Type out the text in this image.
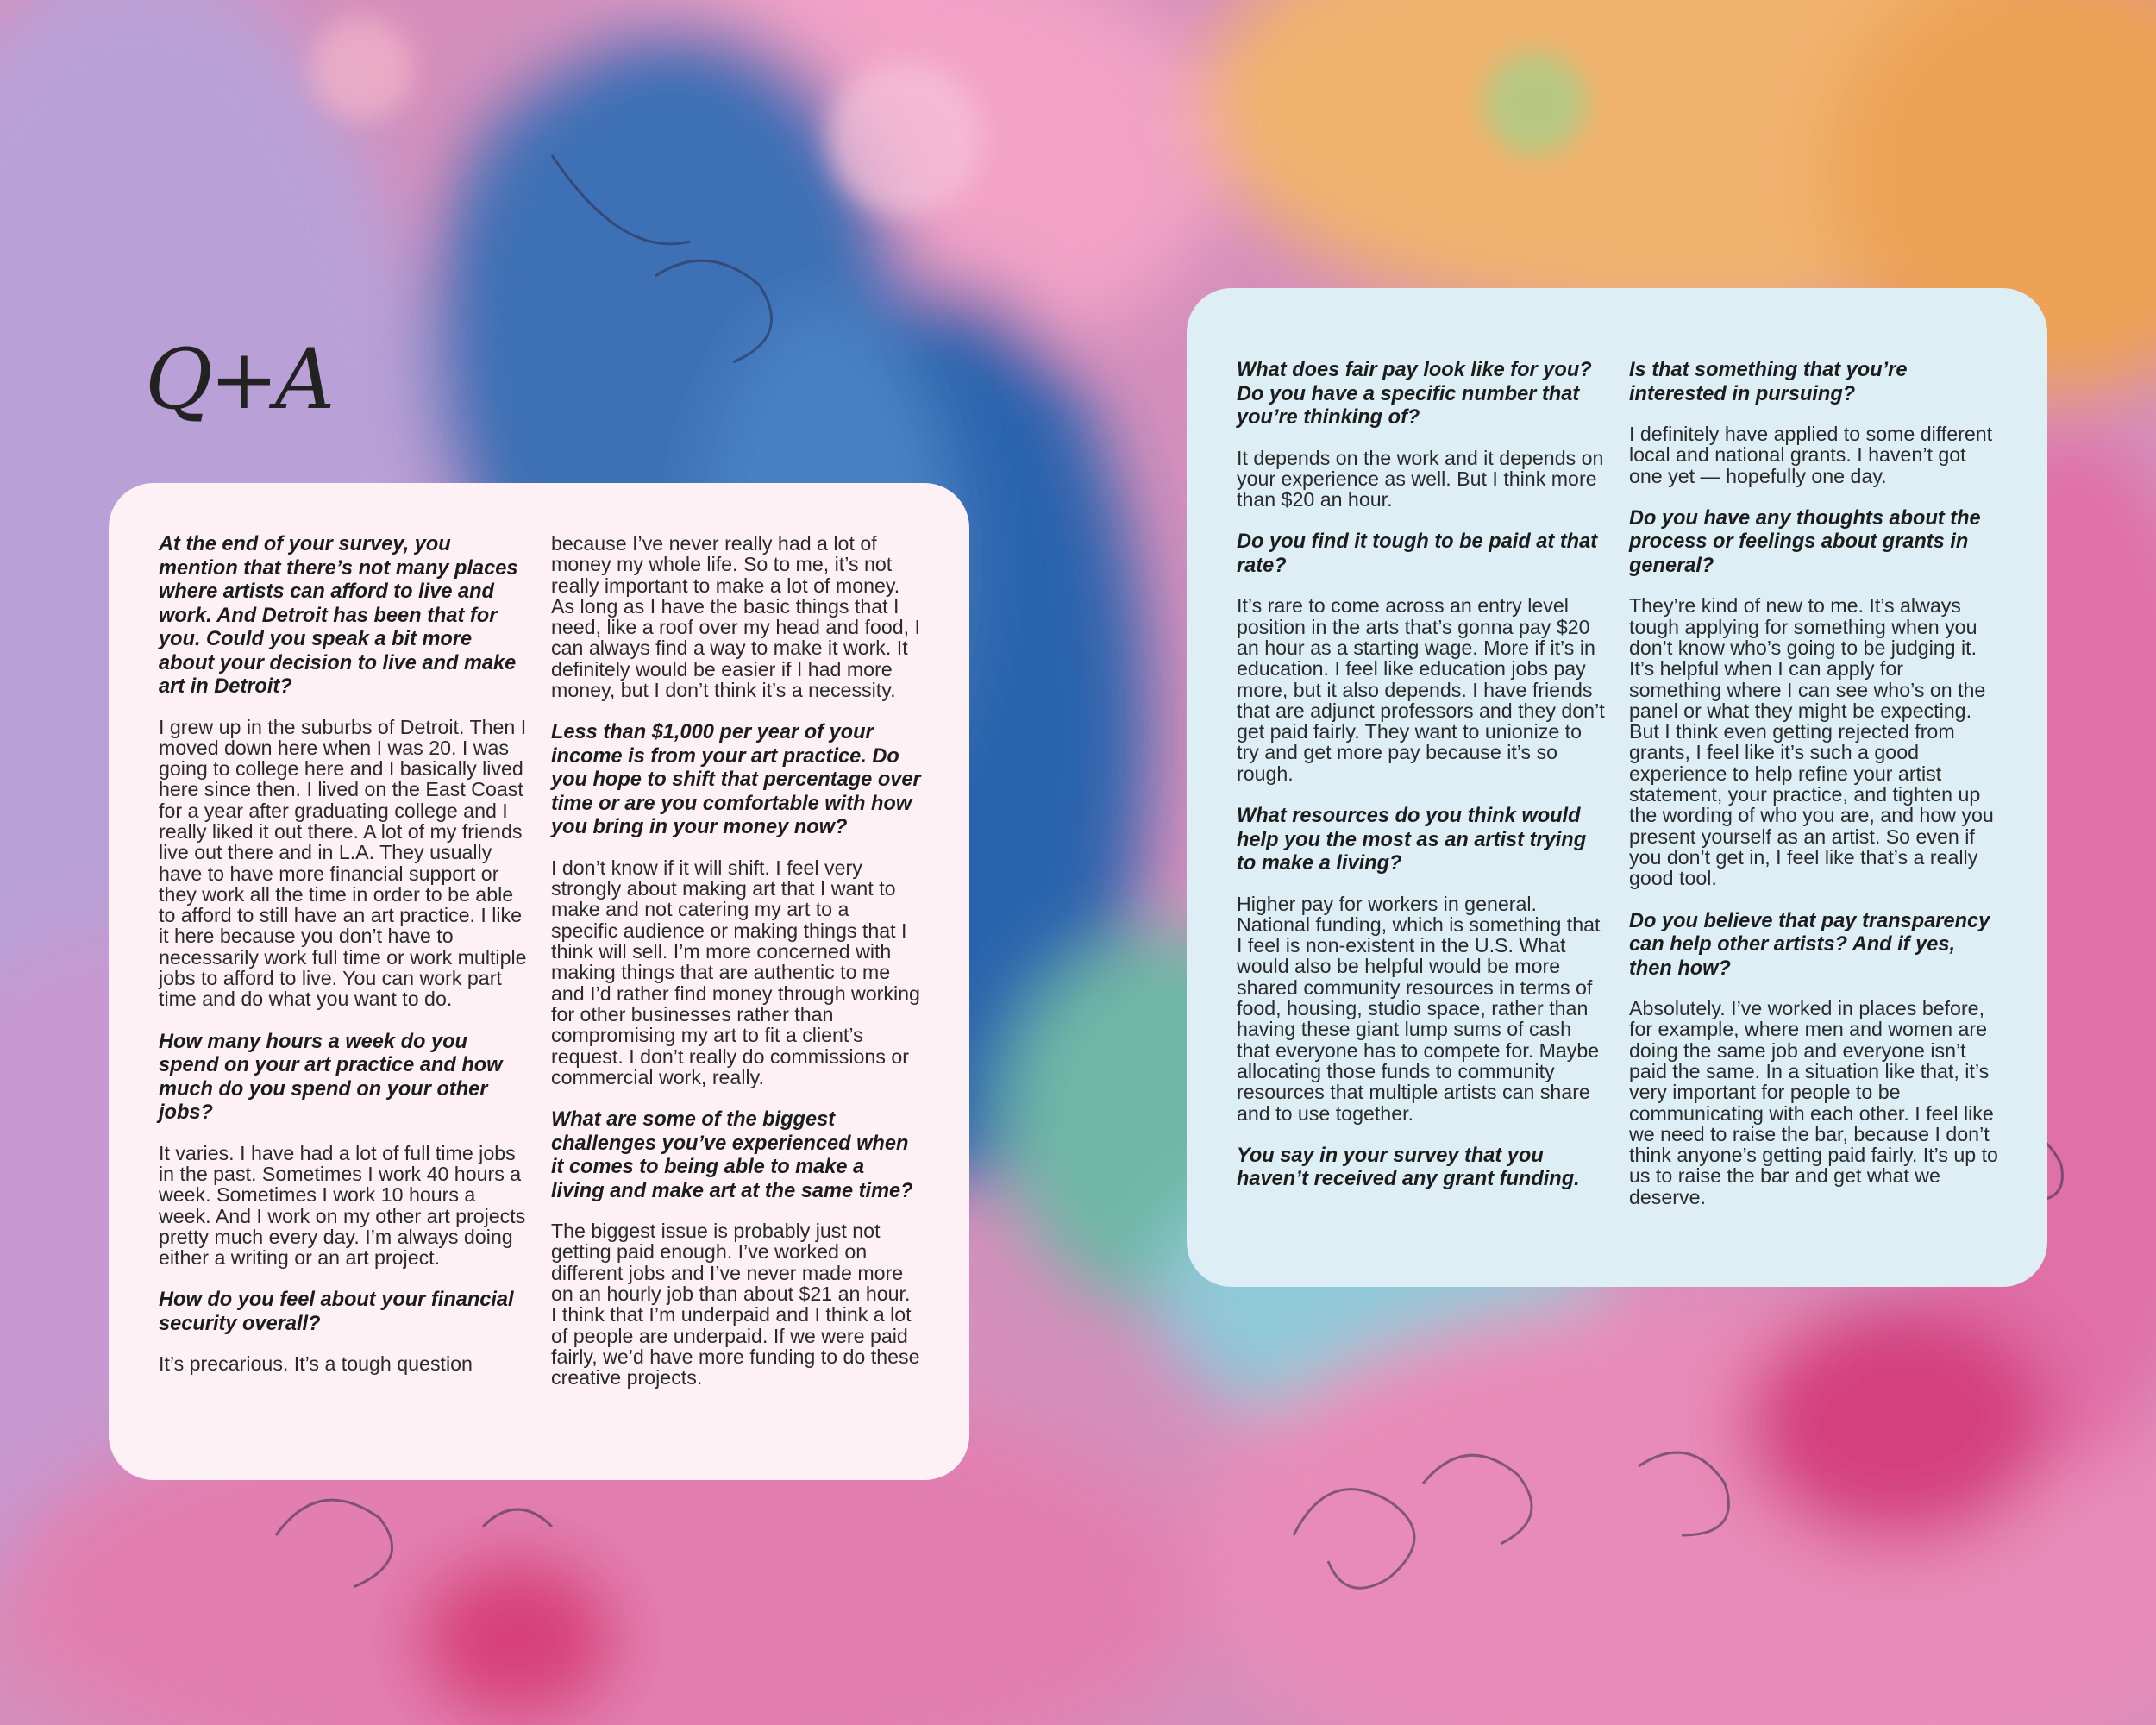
Q+A

At the end of your survey, you mention that there’s not many places where artists can afford to live and work. And Detroit has been that for you. Could you speak a bit more about your decision to live and make art in Detroit?

I grew up in the suburbs of Detroit. Then I moved down here when I was 20. I was going to college here and I basically lived here since then. I lived on the East Coast for a year after graduating college and I really liked it out there. A lot of my friends live out there and in L.A. They usually have to have more financial support or they work all the time in order to be able to afford to still have an art practice. I like it here because you don’t have to necessarily work full time or work multiple jobs to afford to live. You can work part time and do what you want to do.

How many hours a week do you spend on your art practice and how much do you spend on your other jobs?

It varies. I have had a lot of full time jobs in the past. Sometimes I work 40 hours a week. Sometimes I work 10 hours a week. And I work on my other art projects pretty much every day. I’m always doing either a writing or an art project.

How do you feel about your financial security overall?

It’s precarious. It’s a tough question

because I’ve never really had a lot of money my whole life. So to me, it’s not really important to make a lot of money. As long as I have the basic things that I need, like a roof over my head and food, I can always find a way to make it work. It definitely would be easier if I had more money, but I don’t think it’s a necessity.

Less than $1,000 per year of your income is from your art practice. Do you hope to shift that percentage over time or are you comfortable with how you bring in your money now?

I don’t know if it will shift. I feel very strongly about making art that I want to make and not catering my art to a specific audience or making things that I think will sell. I’m more concerned with making things that are authentic to me and I’d rather find money through working for other businesses rather than compromising my art to fit a client’s request. I don’t really do commissions or commercial work, really.

What are some of the biggest challenges you’ve experienced when it comes to being able to make a living and make art at the same time?

The biggest issue is probably just not getting paid enough. I’ve worked on different jobs and I’ve never made more on an hourly job than about $21 an hour. I think that I’m underpaid and I think a lot of people are underpaid. If we were paid fairly, we’d have more funding to do these creative projects.

What does fair pay look like for you? Do you have a specific number that you’re thinking of?

It depends on the work and it depends on your experience as well. But I think more than $20 an hour.

Do you find it tough to be paid at that rate?

It’s rare to come across an entry level position in the arts that’s gonna pay $20 an hour as a starting wage. More if it’s in education. I feel like education jobs pay more, but it also depends. I have friends that are adjunct professors and they don’t get paid fairly. They want to unionize to try and get more pay because it’s so rough.

What resources do you think would help you the most as an artist trying to make a living?

Higher pay for workers in general. National funding, which is something that I feel is non-existent in the U.S. What would also be helpful would be more shared community resources in terms of food, housing, studio space, rather than having these giant lump sums of cash that everyone has to compete for. Maybe allocating those funds to community resources that multiple artists can share and to use together.

You say in your survey that you haven’t received any grant funding.

Is that something that you’re interested in pursuing?

I definitely have applied to some different local and national grants. I haven’t got one yet — hopefully one day.

Do you have any thoughts about the process or feelings about grants in general?

They’re kind of new to me. It’s always tough applying for something when you don’t know who’s going to be judging it. It’s helpful when I can apply for something where I can see who’s on the panel or what they might be expecting. But I think even getting rejected from grants, I feel like it’s such a good experience to help refine your artist statement, your practice, and tighten up the wording of who you are, and how you present yourself as an artist. So even if you don’t get in, I feel like that’s a really good tool.

Do you believe that pay transparency can help other artists? And if yes, then how?

Absolutely. I’ve worked in places before, for example, where men and women are doing the same job and everyone isn’t paid the same. In a situation like that, it’s very important for people to be communicating with each other. I feel like we need to raise the bar, because I don’t think anyone’s getting paid fairly. It’s up to us to raise the bar and get what we deserve.
